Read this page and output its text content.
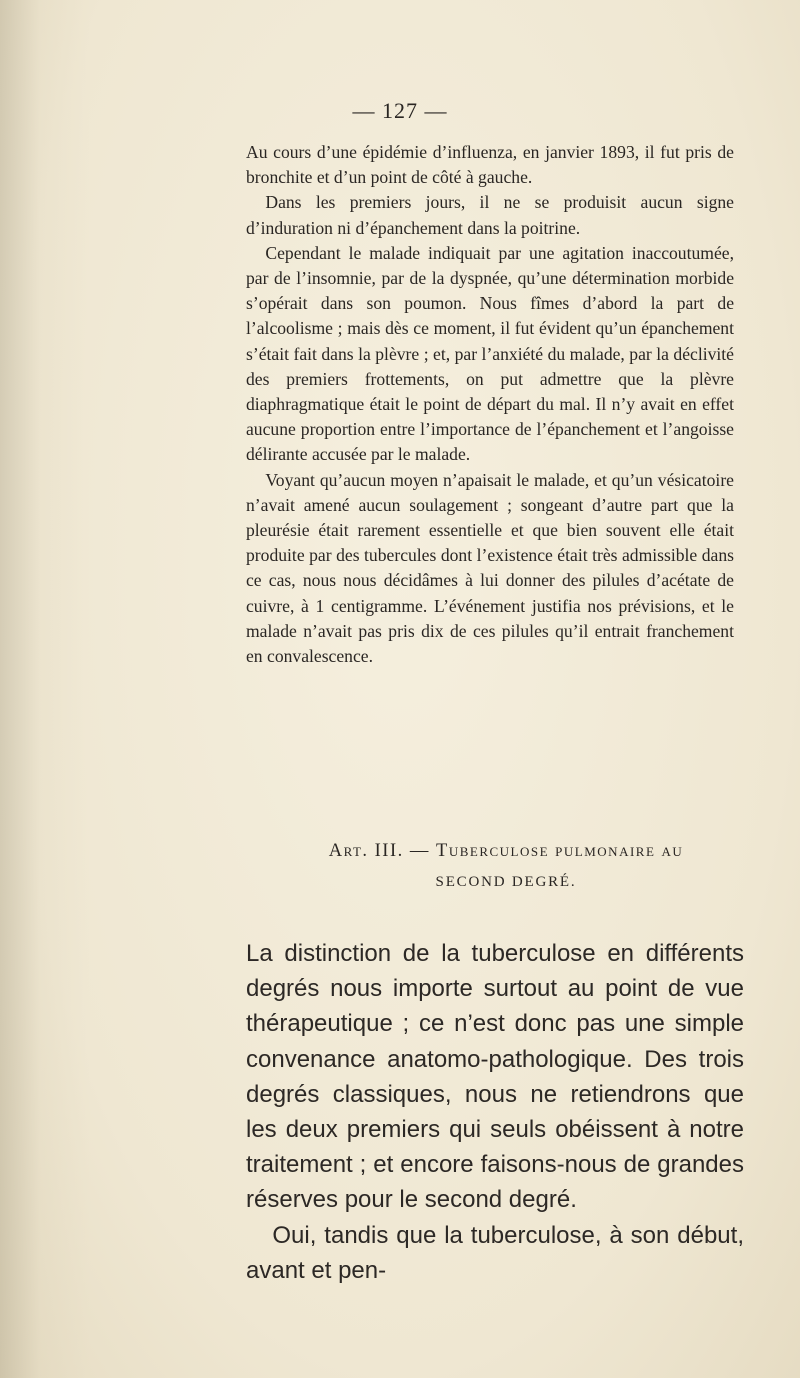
— 127 —

Au cours d’une épidémie d’influenza, en janvier 1893, il fut pris de bronchite et d’un point de côté à gauche.

Dans les premiers jours, il ne se produisit aucun signe d’induration ni d’épanchement dans la poitrine.

Cependant le malade indiquait par une agitation inaccoutumée, par de l’insomnie, par de la dyspnée, qu’une détermination morbide s’opérait dans son poumon. Nous fîmes d’abord la part de l’alcoolisme ; mais dès ce moment, il fut évident qu’un épanchement s’était fait dans la plèvre ; et, par l’anxiété du malade, par la déclivité des premiers frottements, on put admettre que la plèvre diaphragmatique était le point de départ du mal. Il n’y avait en effet aucune proportion entre l’importance de l’épanchement et l’angoisse délirante accusée par le malade.

Voyant qu’aucun moyen n’apaisait le malade, et qu’un vésicatoire n’avait amené aucun soulagement ; songeant d’autre part que la pleurésie était rarement essentielle et que bien souvent elle était produite par des tubercules dont l’existence était très admissible dans ce cas, nous nous décidâmes à lui donner des pilules d’acétate de cuivre, à 1 centigramme. L’événement justifia nos prévisions, et le malade n’avait pas pris dix de ces pilules qu’il entrait franchement en convalescence.

Art. III. — Tuberculose pulmonaire au
SECOND DEGRÉ.

La distinction de la tuberculose en différents degrés nous importe surtout au point de vue thérapeutique ; ce n’est donc pas une simple convenance anatomo-pathologique. Des trois degrés classiques, nous ne retiendrons que les deux premiers qui seuls obéissent à notre traitement ; et encore faisons-nous de grandes réserves pour le second degré.

Oui, tandis que la tuberculose, à son début, avant et pen-
